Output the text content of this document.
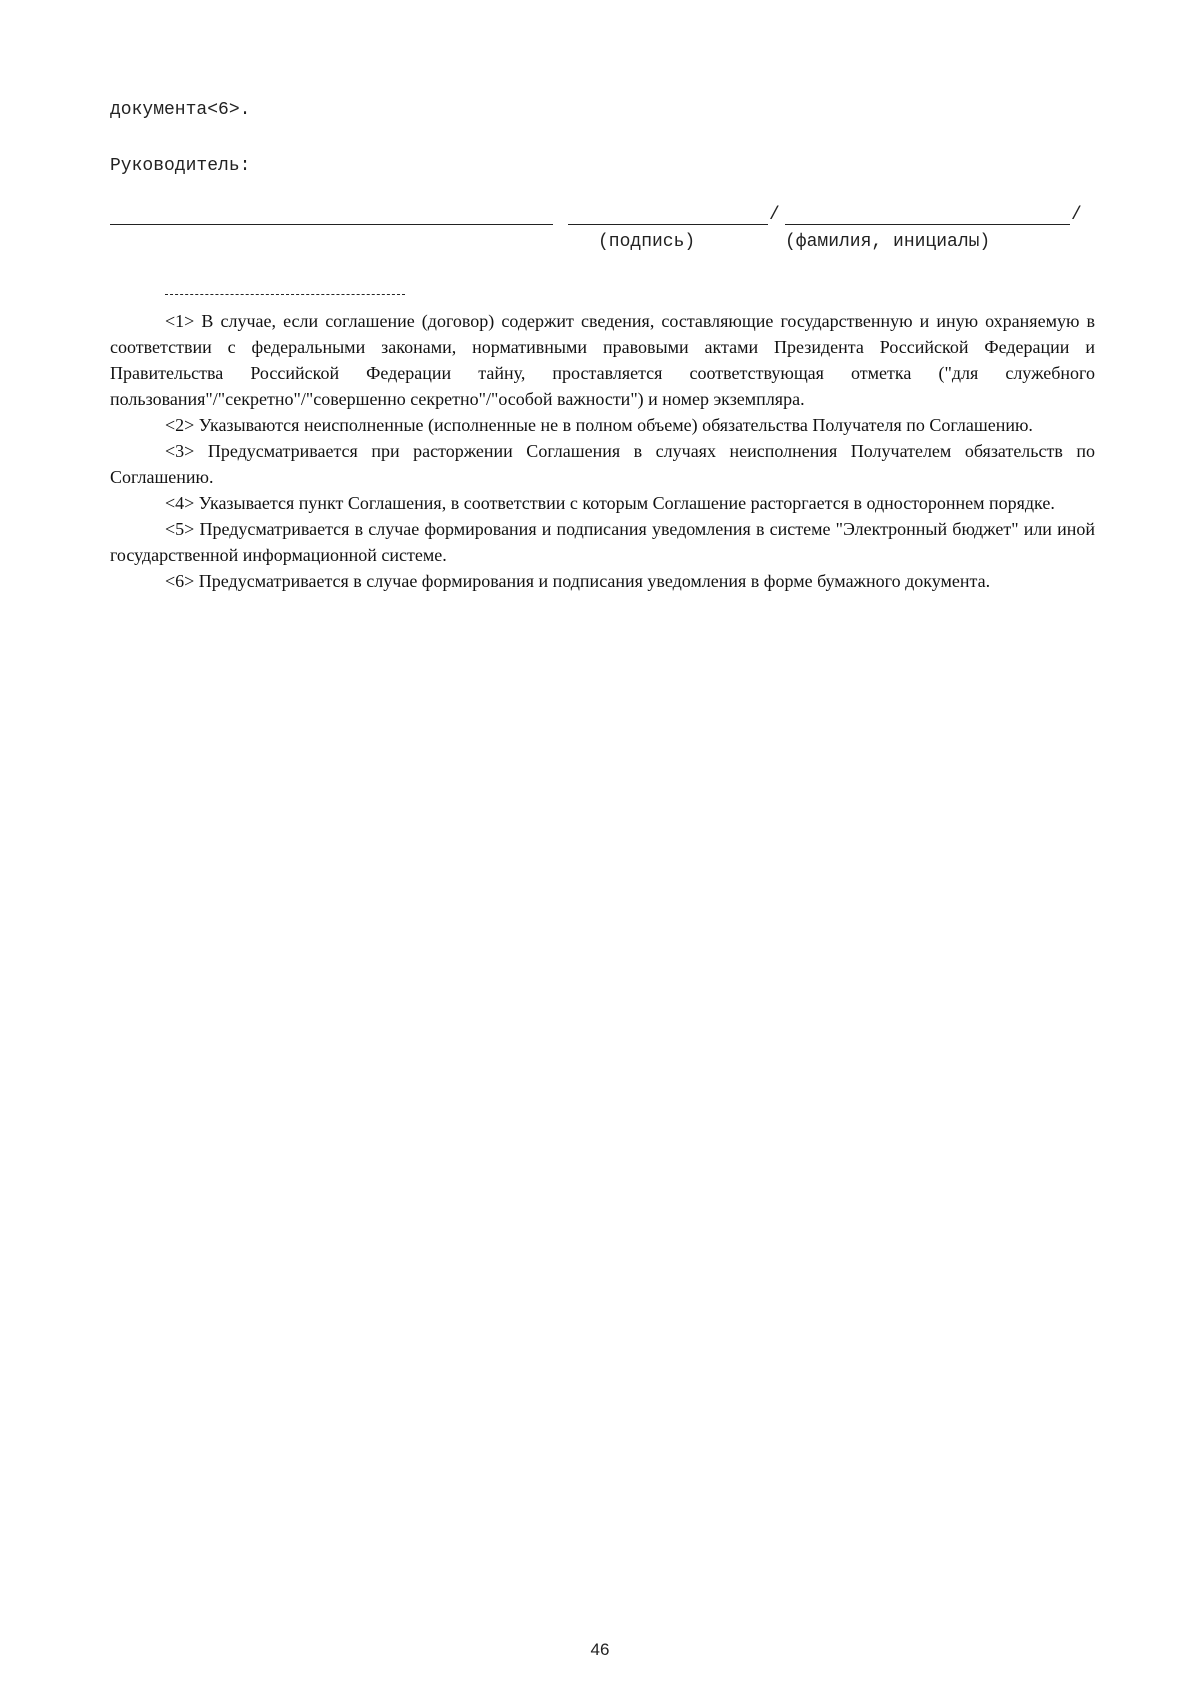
документа<6>.
Руководитель:
/	/
(подпись)	(фамилия, инициалы)

<1> В случае, если соглашение (договор) содержит сведения, составляющие государственную и иную охраняемую в соответствии с федеральными законами, нормативными правовыми актами Президента Российской Федерации и Правительства Российской Федерации тайну, проставляется соответствующая отметка ("для служебного пользования"/"секретно"/"совершенно секретно"/"особой важности") и номер экземпляра.

<2> Указываются неисполненные (исполненные не в полном объеме) обязательства Получателя по Соглашению.

<3> Предусматривается при расторжении Соглашения в случаях неисполнения Получателем обязательств по Соглашению.

<4> Указывается пункт Соглашения, в соответствии с которым Соглашение расторгается в одностороннем порядке.

<5> Предусматривается в случае формирования и подписания уведомления в системе "Электронный бюджет" или иной государственной информационной системе.

<6> Предусматривается в случае формирования и подписания уведомления в форме бумажного документа.

46
